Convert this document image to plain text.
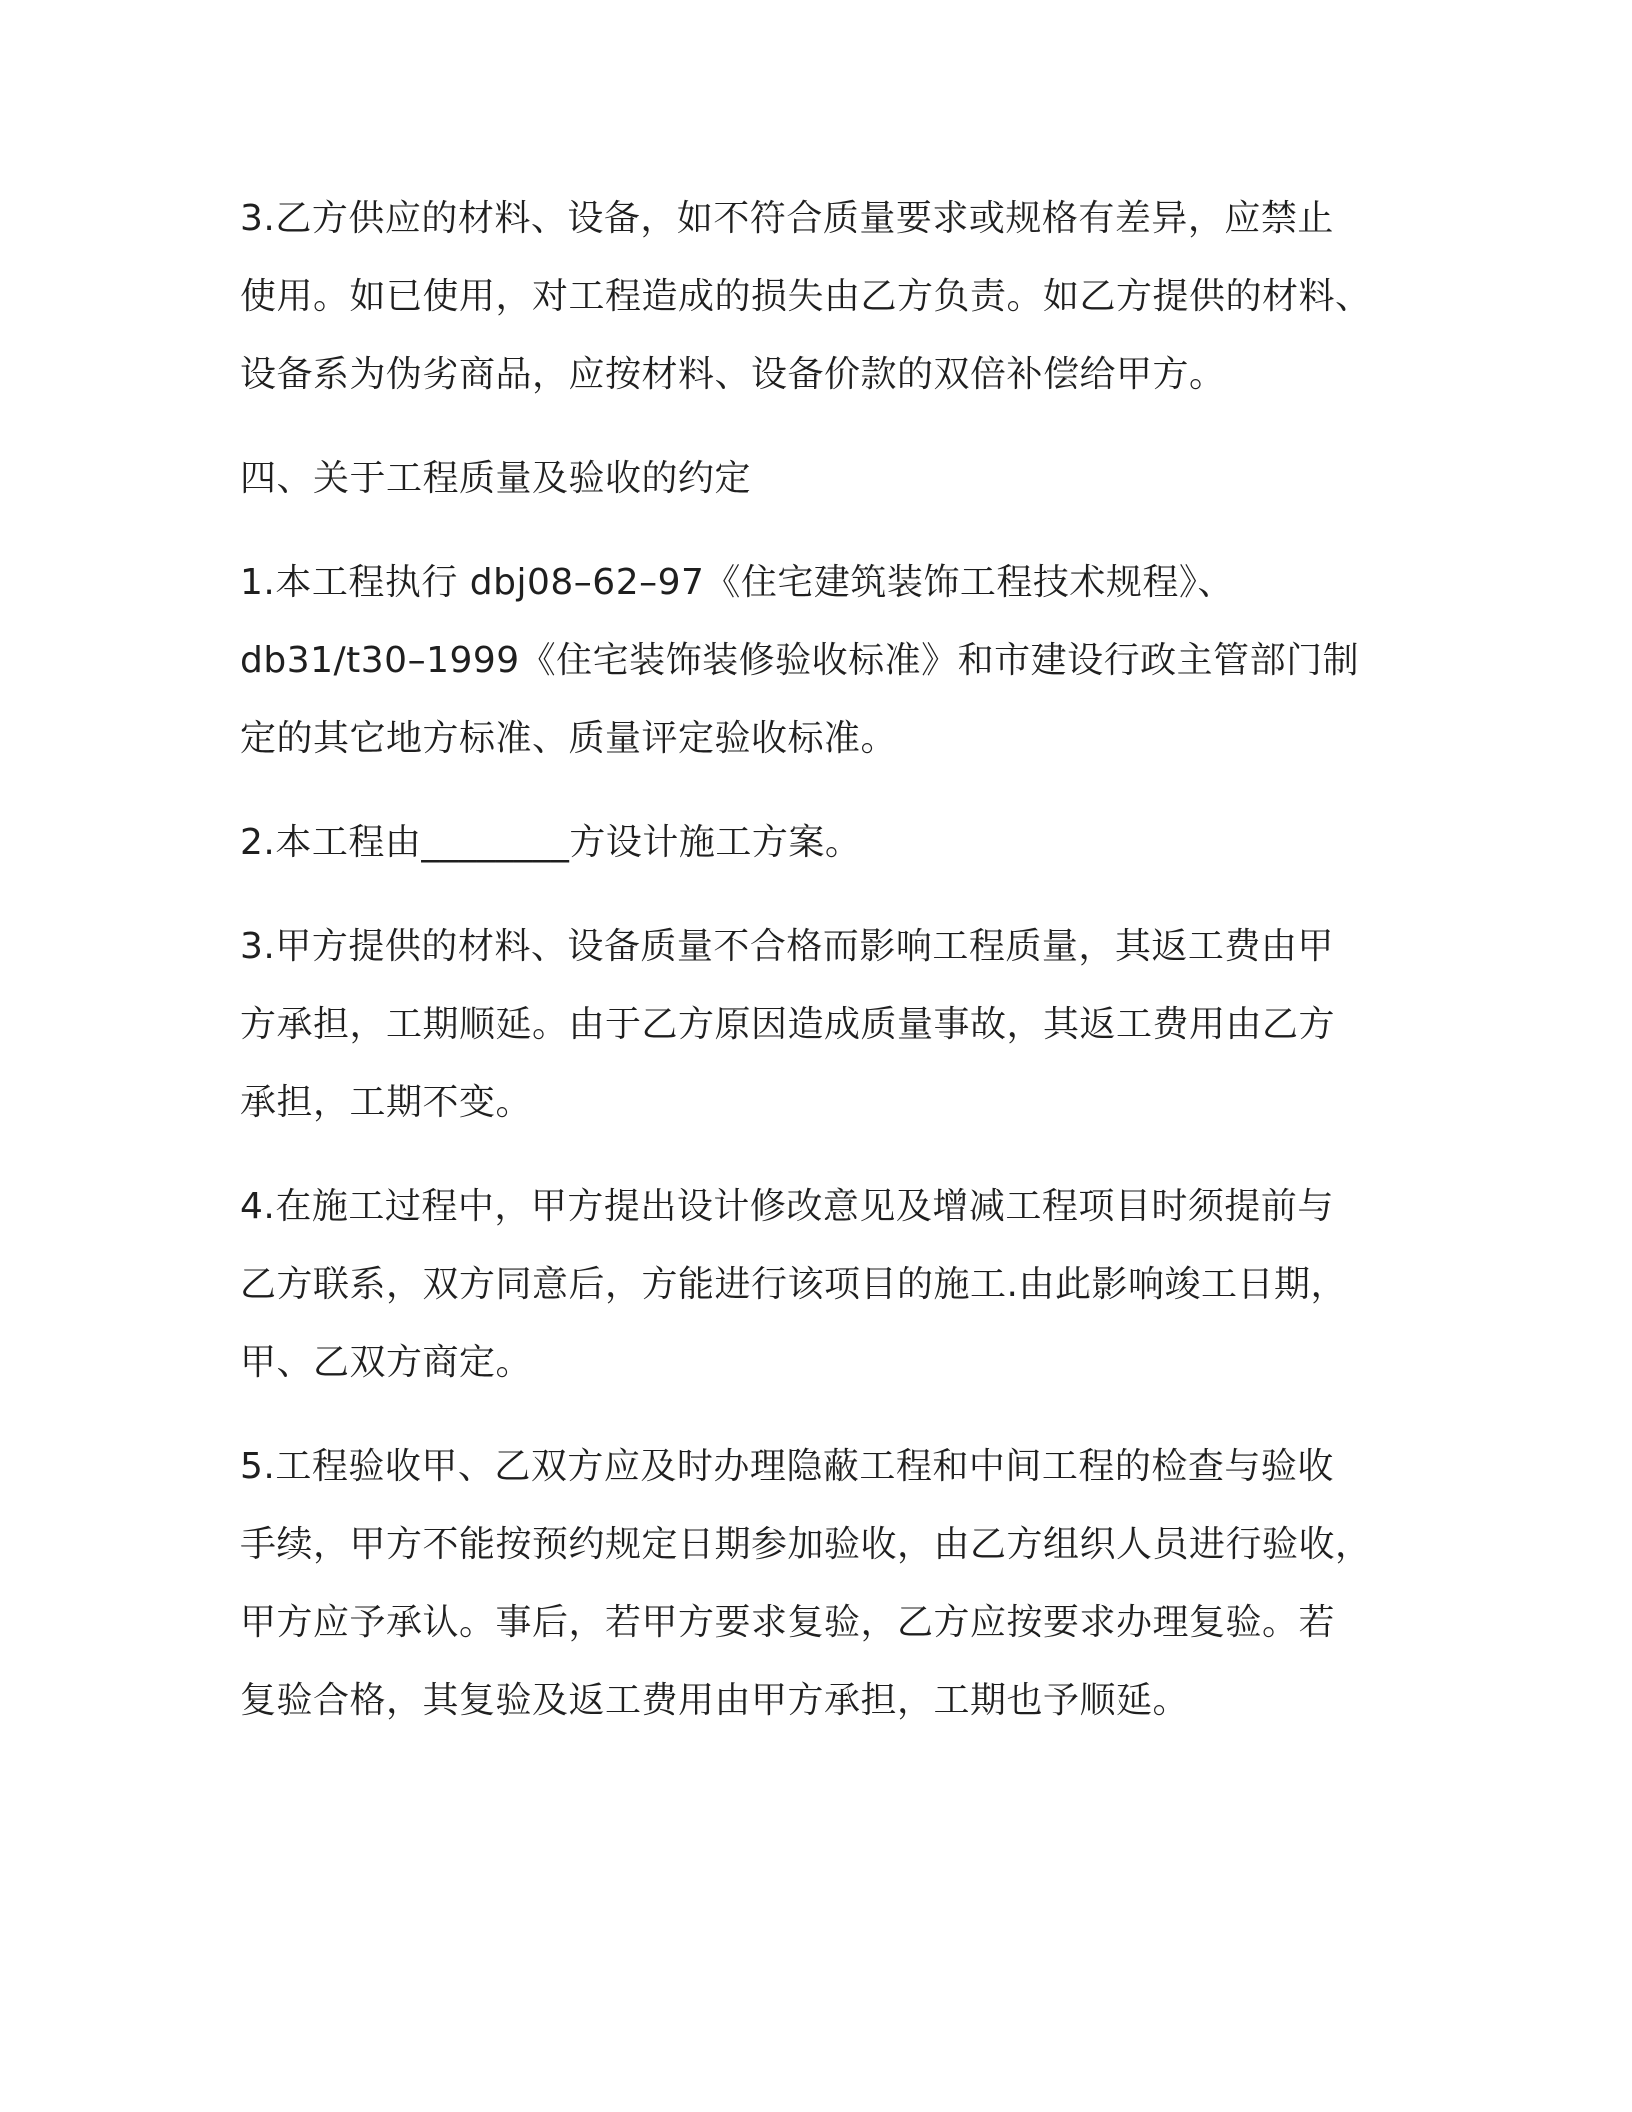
3.乙方供应的材料、设备，如不符合质量要求或规格有差异，应禁止
使用。如已使用，对工程造成的损失由乙方负责。如乙方提供的材料、
设备系为伪劣商品，应按材料、设备价款的双倍补偿给甲方。

四、关于工程质量及验收的约定

1.本工程执行 dbj08–62–97《住宅建筑装饰工程技术规程》、
db31/t30–1999《住宅装饰装修验收标准》和市建设行政主管部门制
定的其它地方标准、质量评定验收标准。

2.本工程由________方设计施工方案。

3.甲方提供的材料、设备质量不合格而影响工程质量，其返工费由甲
方承担，工期顺延。由于乙方原因造成质量事故，其返工费用由乙方
承担，工期不变。

4.在施工过程中，甲方提出设计修改意见及增减工程项目时须提前与
乙方联系，双方同意后，方能进行该项目的施工.由此影响竣工日期，
甲、乙双方商定。

5.工程验收甲、乙双方应及时办理隐蔽工程和中间工程的检查与验收
手续，甲方不能按预约规定日期参加验收，由乙方组织人员进行验收，
甲方应予承认。事后，若甲方要求复验，乙方应按要求办理复验。若
复验合格，其复验及返工费用由甲方承担，工期也予顺延。
